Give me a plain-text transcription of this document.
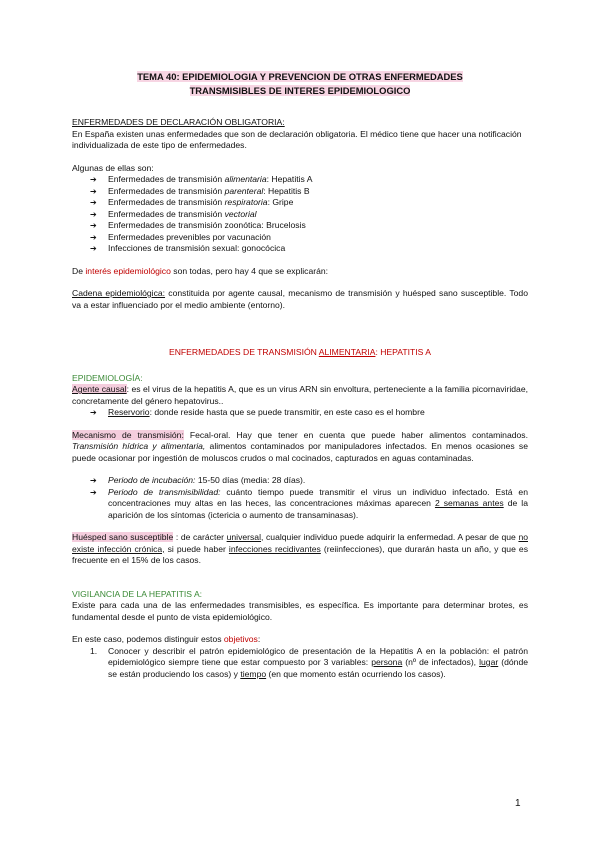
TEMA 40: EPIDEMIOLOGIA Y PREVENCION DE OTRAS ENFERMEDADES

TRANSMISIBLES DE INTERES EPIDEMIOLOGICO

ENFERMEDADES DE DECLARACIÓN OBLIGATORIA:

En España existen unas enfermedades que son de declaración obligatoria. El médico tiene que hacer una notificación individualizada de este tipo de enfermedades.

Algunas de ellas son:

➔ Enfermedades de transmisión alimentaria: Hepatitis A
➔ Enfermedades de transmisión parenteral: Hepatitis B
➔ Enfermedades de transmisión respiratoria: Gripe
➔ Enfermedades de transmisión vectorial
➔ Enfermedades de transmisión zoonótica: Brucelosis
➔ Enfermedades prevenibles por vacunación
➔ Infecciones de transmisión sexual: gonocócica

De interés epidemiológico son todas, pero hay 4 que se explicarán:

Cadena epidemiológica: constituida por agente causal, mecanismo de transmisión y huésped sano susceptible. Todo va a estar influenciado por el medio ambiente (entorno).

ENFERMEDADES DE TRANSMISIÓN ALIMENTARIA: HEPATITIS A

EPIDEMIOLOGÍA:

Agente causal: es el virus de la hepatitis A, que es un virus ARN sin envoltura, perteneciente a la familia picornaviridae, concretamente del género hepatovirus..

➔ Reservorio: donde reside hasta que se puede transmitir, en este caso es el hombre

Mecanismo de transmisión: Fecal-oral. Hay que tener en cuenta que puede haber alimentos contaminados. Transmisión hídrica y alimentaria, alimentos contaminados por manipuladores infectados. En menos ocasiones se puede ocasionar por ingestión de moluscos crudos o mal cocinados, capturados en aguas contaminadas.

➔ Periodo de incubación: 15-50 días (media: 28 días).
➔ Periodo de transmisibilidad: cuánto tiempo puede transmitir el virus un individuo infectado. Está en concentraciones muy altas en las heces, las concentraciones máximas aparecen 2 semanas antes de la aparición de los síntomas (ictericia o aumento de transaminasas).

Huésped sano susceptible : de carácter universal, cualquier individuo puede adquirir la enfermedad. A pesar de que no existe infección crónica, si puede haber infecciones recidivantes (reiinfecciones), que durarán hasta un año, y que es frecuente en el 15% de los casos.

VIGILANCIA DE LA HEPATITIS A:

Existe para cada una de las enfermedades transmisibles, es específica. Es importante para determinar brotes, es fundamental desde el punto de vista epidemiológico.

En este caso, podemos distinguir estos objetivos:

1. Conocer y describir el patrón epidemiológico de presentación de la Hepatitis A en la población: el patrón epidemiológico siempre tiene que estar compuesto por 3 variables: persona (nº de infectados), lugar (dónde se están produciendo los casos) y tiempo (en que momento están ocurriendo los casos).
1
